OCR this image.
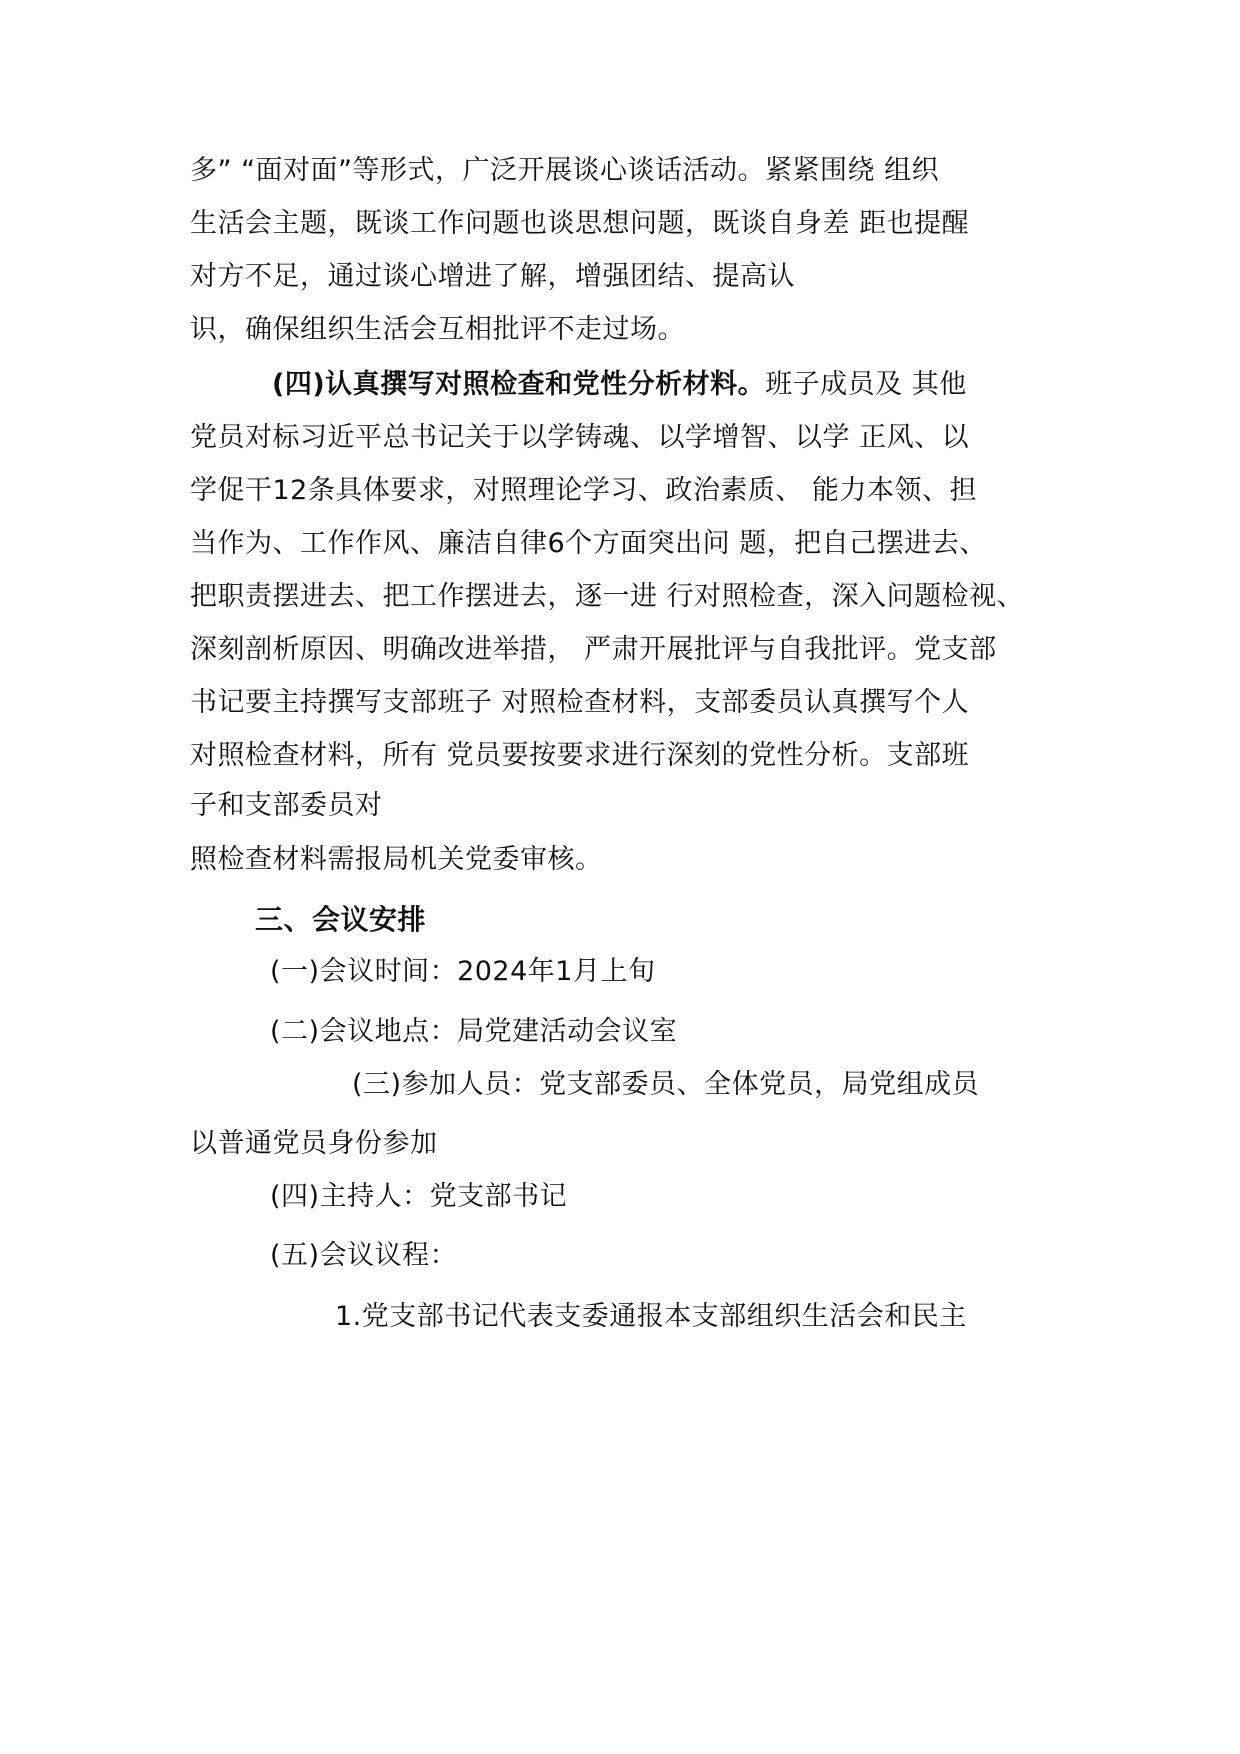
多” “面对面”等形式，广泛开展谈心谈话活动。紧紧围绕 组织
生活会主题，既谈工作问题也谈思想问题，既谈自身差 距也提醒
对方不足，通过谈心增进了解，增强团结、提高认
识，确保组织生活会互相批评不走过场。
(四)认真撰写对照检查和党性分析材料。班子成员及 其他
党员对标习近平总书记关于以学铸魂、以学增智、以学 正风、以
学促干12条具体要求，对照理论学习、政治素质、 能力本领、担
当作为、工作作风、廉洁自律6个方面突出问 题，把自己摆进去、
把职责摆进去、把工作摆进去，逐一进 行对照检查，深入问题检视、
深刻剖析原因、明确改进举措， 严肃开展批评与自我批评。党支部
书记要主持撰写支部班子 对照检查材料，支部委员认真撰写个人
对照检查材料，所有 党员要按要求进行深刻的党性分析。支部班
子和支部委员对
照检查材料需报局机关党委审核。
三、会议安排
(一)会议时间：2024年1月上旬
(二)会议地点：局党建活动会议室
(三)参加人员：党支部委员、全体党员，局党组成员
以普通党员身份参加
(四)主持人：党支部书记
(五)会议议程：
1.党支部书记代表支委通报本支部组织生活会和民主
